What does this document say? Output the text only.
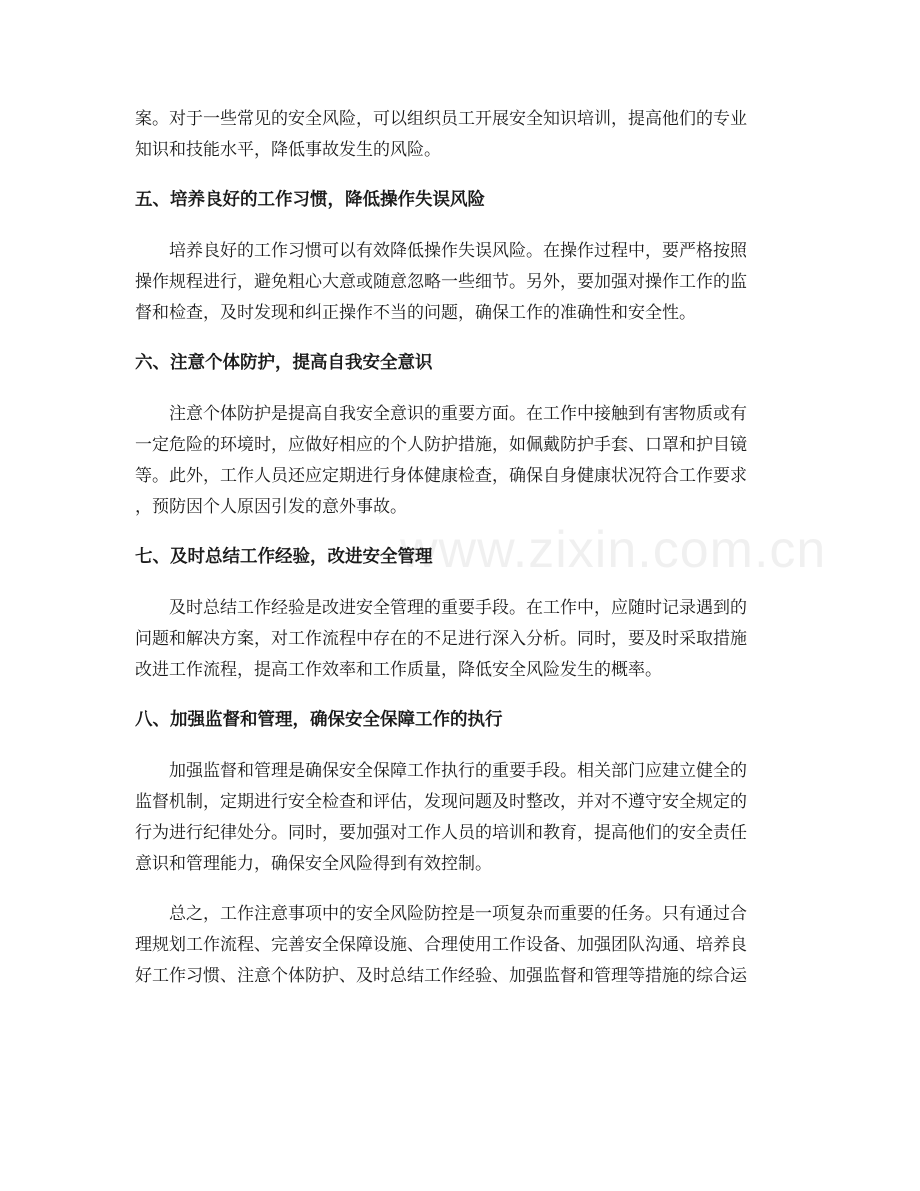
案。对于一些常见的安全风险，可以组织员工开展安全知识培训，提高他们的专业
知识和技能水平，降低事故发生的风险。

五、培养良好的工作习惯，降低操作失误风险

培养良好的工作习惯可以有效降低操作失误风险。在操作过程中，要严格按照
操作规程进行，避免粗心大意或随意忽略一些细节。另外，要加强对操作工作的监
督和检查，及时发现和纠正操作不当的问题，确保工作的准确性和安全性。

六、注意个体防护，提高自我安全意识

注意个体防护是提高自我安全意识的重要方面。在工作中接触到有害物质或有
一定危险的环境时，应做好相应的个人防护措施，如佩戴防护手套、口罩和护目镜
等。此外，工作人员还应定期进行身体健康检查，确保自身健康状况符合工作要求
，预防因个人原因引发的意外事故。

七、及时总结工作经验，改进安全管理

及时总结工作经验是改进安全管理的重要手段。在工作中，应随时记录遇到的
问题和解决方案，对工作流程中存在的不足进行深入分析。同时，要及时采取措施
改进工作流程，提高工作效率和工作质量，降低安全风险发生的概率。

八、加强监督和管理，确保安全保障工作的执行

加强监督和管理是确保安全保障工作执行的重要手段。相关部门应建立健全的
监督机制，定期进行安全检查和评估，发现问题及时整改，并对不遵守安全规定的
行为进行纪律处分。同时，要加强对工作人员的培训和教育，提高他们的安全责任
意识和管理能力，确保安全风险得到有效控制。

总之，工作注意事项中的安全风险防控是一项复杂而重要的任务。只有通过合
理规划工作流程、完善安全保障设施、合理使用工作设备、加强团队沟通、培养良
好工作习惯、注意个体防护、及时总结工作经验、加强监督和管理等措施的综合运

www.zixin.com.cn
